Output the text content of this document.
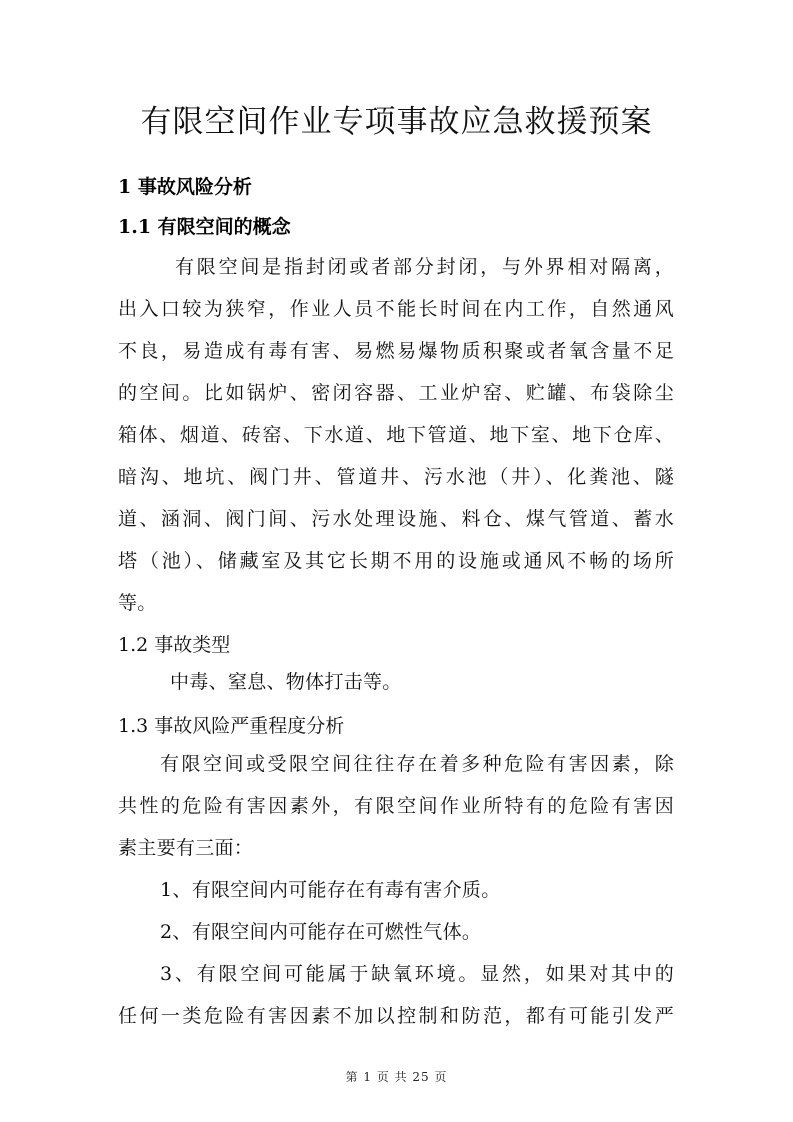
有限空间作业专项事故应急救援预案
1 事故风险分析
1.1 有限空间的概念
有限空间是指封闭或者部分封闭，与外界相对隔离，
出入口较为狭窄，作业人员不能长时间在内工作，自然通风
不良，易造成有毒有害、易燃易爆物质积聚或者氧含量不足
的空间。比如锅炉、密闭容器、工业炉窑、贮罐、布袋除尘
箱体、烟道、砖窑、下水道、地下管道、地下室、地下仓库、
暗沟、地坑、阀门井、管道井、污水池（井）、化粪池、隧
道、涵洞、阀门间、污水处理设施、料仓、煤气管道、蓄水
塔（池）、储藏室及其它长期不用的设施或通风不畅的场所
等。
1.2 事故类型
中毒、窒息、物体打击等。
1.3 事故风险严重程度分析
有限空间或受限空间往往存在着多种危险有害因素，除
共性的危险有害因素外，有限空间作业所特有的危险有害因
素主要有三面：
1、有限空间内可能存在有毒有害介质。
2、有限空间内可能存在可燃性气体。
3、有限空间可能属于缺氧环境。显然，如果对其中的
任何一类危险有害因素不加以控制和防范，都有可能引发严
第 1 页 共 25 页
